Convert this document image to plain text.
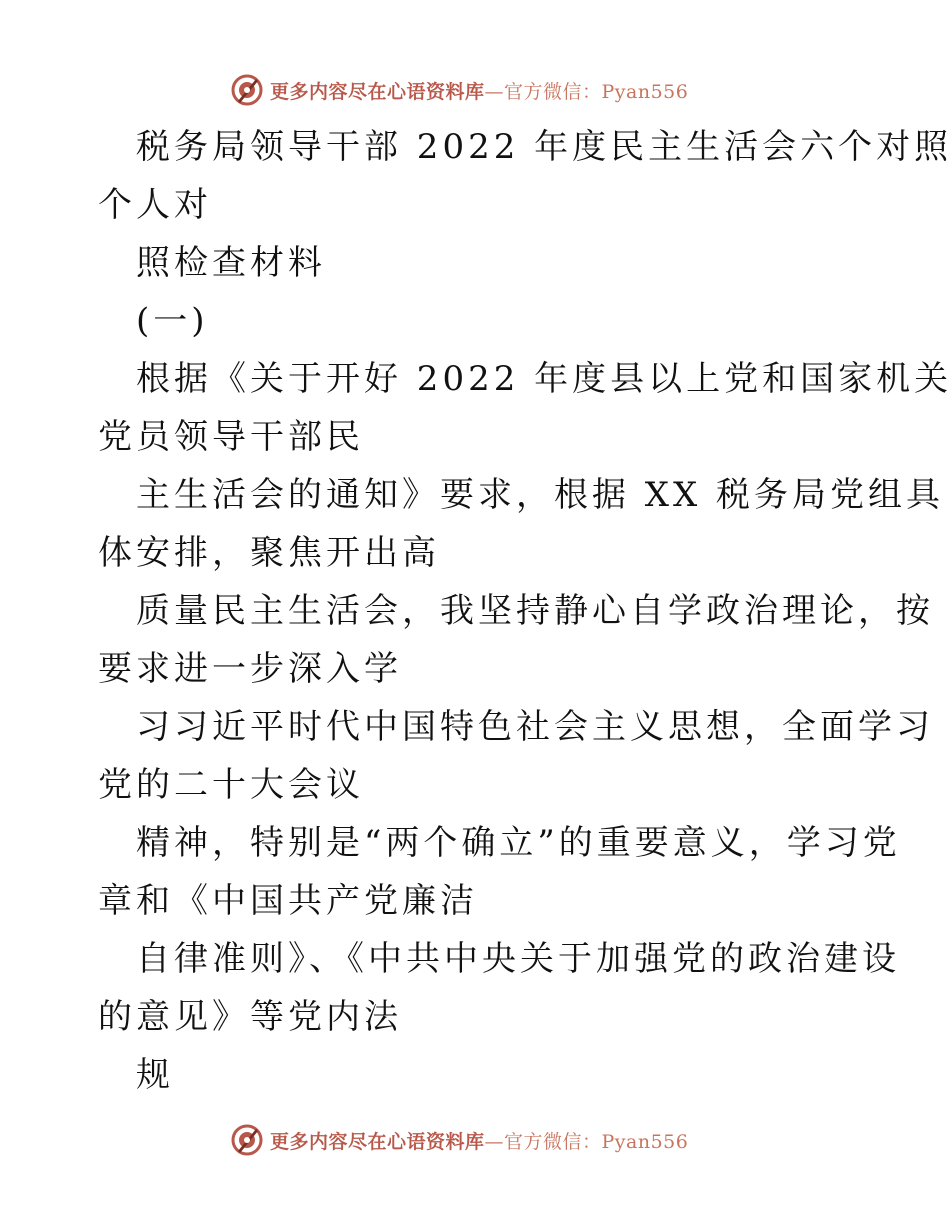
更多内容尽在心语资料库—官方微信：Pyan556
税务局领导干部 2022 年度民主生活会六个对照
个人对
照检查材料
(一)
根据《关于开好 2022 年度县以上党和国家机关
党员领导干部民
主生活会的通知》要求，根据 XX 税务局党组具
体安排，聚焦开出高
质量民主生活会，我坚持静心自学政治理论，按
要求进一步深入学
习习近平时代中国特色社会主义思想，全面学习
党的二十大会议
精神，特别是“两个确立”的重要意义，学习党
章和《中国共产党廉洁
自律准则》、《中共中央关于加强党的政治建设
的意见》等党内法
规
更多内容尽在心语资料库—官方微信：Pyan556
